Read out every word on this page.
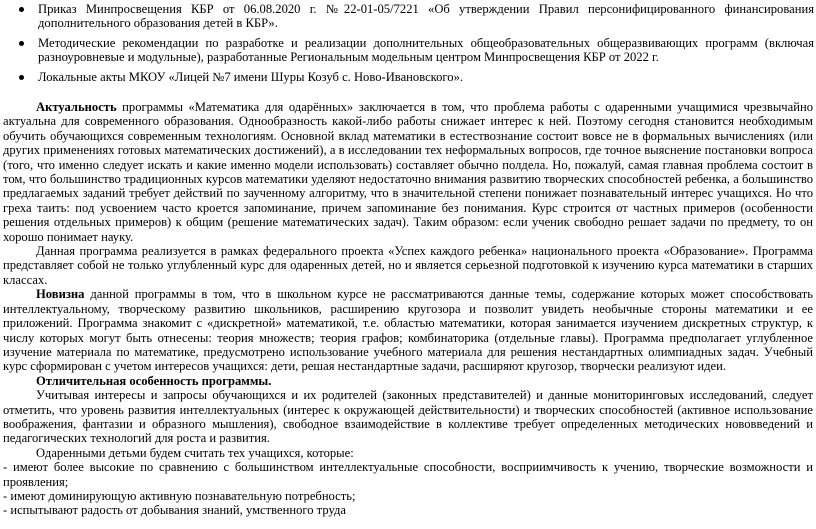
Приказ Минпросвещения КБР от 06.08.2020 г. №22-01-05/7221 «Об утверждении Правил персонифицированного финансирования дополнительного образования детей в КБР».
Методические рекомендации по разработке и реализации дополнительных общеобразовательных общеразвивающих программ (включая разноуровневые и модульные), разработанные Региональным модельным центром Минпросвещения КБР от 2022 г.
Локальные акты МКОУ «Лицей №7 имени Шуры Козуб с. Ново-Ивановского».

Актуальность программы «Математика для одарённых» заключается в том, что проблема работы с одаренными учащимися чрезвычайно актуальна для современного образования. Однообразность какой-либо работы снижает интерес к ней. Поэтому сегодня становится необходимым обучить обучающихся современным технологиям. Основной вклад математики в естествознание состоит вовсе не в формальных вычислениях (или других применениях готовых математических достижений), а в исследовании тех неформальных вопросов, где точное выяснение постановки вопроса (того, что именно следует искать и какие именно модели использовать) составляет обычно полдела. Но, пожалуй, самая главная проблема состоит в том, что большинство традиционных курсов математики уделяют недостаточно внимания развитию творческих способностей ребенка, а большинство предлагаемых заданий требует действий по заученному алгоритму, что в значительной степени понижает познавательный интерес учащихся. Но что греха таить: под усвоением часто кроется запоминание, причем запоминание без понимания. Курс строится от частных примеров (особенности решения отдельных примеров) к общим (решение математических задач). Таким образом: если ученик свободно решает задачи по предмету, то он хорошо понимает науку.

Данная программа реализуется в рамках федерального проекта «Успех каждого ребенка» национального проекта «Образование». Программа представляет собой не только углубленный курс для одаренных детей, но и является серьезной подготовкой к изучению курса математики в старших классах.

Новизна данной программы в том, что в школьном курсе не рассматриваются данные темы, содержание которых может способствовать интеллектуальному, творческому развитию школьников, расширению кругозора и позволит увидеть необычные стороны математики и ее приложений. Программа знакомит с «дискретной» математикой, т.е. областью математики, которая занимается изучением дискретных структур, к числу которых могут быть отнесены: теория множеств; теория графов; комбинаторика (отдельные главы). Программа предполагает углубленное изучение материала по математике, предусмотрено использование учебного материала для решения нестандартных олимпиадных задач. Учебный курс сформирован с учетом интересов учащихся: дети, решая нестандартные задачи, расширяют кругозор, творчески реализуют идеи.

Отличительная особенность программы.

Учитывая интересы и запросы обучающихся и их родителей (законных представителей) и данные мониторинговых исследований, следует отметить, что уровень развития интеллектуальных (интерес к окружающей действительности) и творческих способностей (активное использование воображения, фантазии и образного мышления), свободное взаимодействие в коллективе требует определенных методических нововведений и педагогических технологий для роста и развития.

Одаренными детьми будем считать тех учащихся, которые:

- имеют более высокие по сравнению с большинством интеллектуальные способности, восприимчивость к учению, творческие возможности и проявления;

- имеют доминирующую активную познавательную потребность;

- испытывают радость от добывания знаний, умственного труда
